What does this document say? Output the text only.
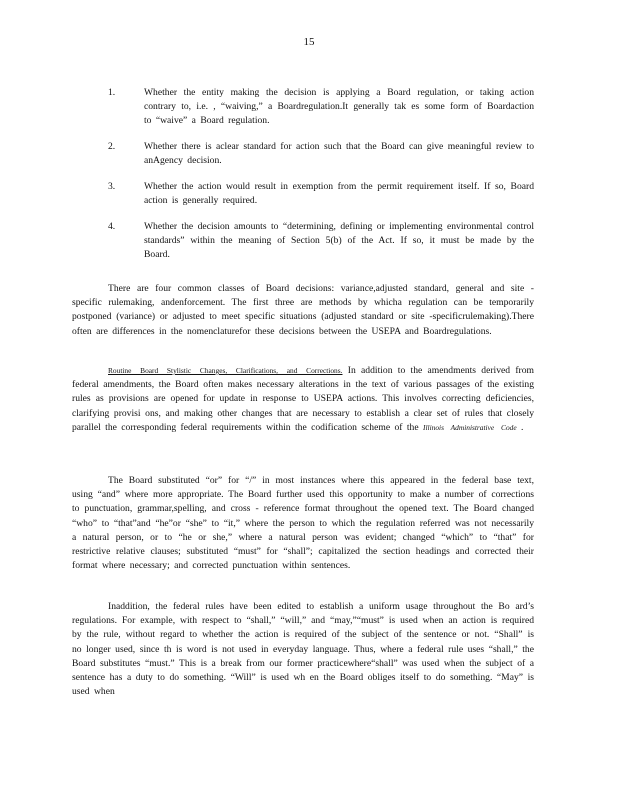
15
1.	Whether the entity making the decision is applying a Board regulation, or taking action contrary to, i.e. , “waiving,” a Boardregulation.It generally tak es some form of Boardaction to “waive” a Board regulation.
2.	Whether there is aclear standard for action such that the Board can give meaningful review to anAgency decision.
3.	Whether the action would result in exemption from the permit requirement itself. If so, Board action is generally required.
4.	Whether the decision amounts to “determining, defining or implementing environmental control standards” within the meaning of Section 5(b) of the Act. If so, it must be made by the Board.

There are four common classes of Board decisions: variance,adjusted standard, general and site - specific rulemaking, andenforcement. The first three are methods by whicha regulation can be temporarily postponed (variance) or adjusted to meet specific situations (adjusted standard or site -specificrulemaking).There often are differences in the nomenclaturefor these decisions between the USEPA and Boardregulations.

Routine Board Stylistic Changes, Clarifications, and Corrections. In addition to the amendments derived from federal amendments, the Board often makes necessary alterations in the text of various passages of the existing rules as provisions are opened for update in response to USEPA actions. This involves correcting deficiencies, clarifying provisi ons, and making other changes that are necessary to establish a clear set of rules that closely parallel the corresponding federal requirements within the codification scheme of the Illinois Administrative Code .

The Board substituted “or” for “/” in most instances where this appeared in the federal base text, using “and” where more appropriate. The Board further used this opportunity to make a number of corrections to punctuation, grammar,spelling, and cross - reference format throughout the opened text. The Board changed “who” to “that”and “he”or “she” to “it,” where the person to which the regulation referred was not necessarily a natural person, or to “he or she,” where a natural person was evident; changed “which” to “that” for restrictive relative clauses; substituted “must” for “shall”; capitalized the section headings and corrected their format where necessary; and corrected punctuation within sentences.

Inaddition, the federal rules have been edited to establish a uniform usage throughout the Bo ard’s regulations. For example, with respect to “shall,” “will,” and “may,”“must” is used when an action is required by the rule, without regard to whether the action is required of the subject of the sentence or not. “Shall” is no longer used, since th is word is not used in everyday language. Thus, where a federal rule uses “shall,” the Board substitutes “must.” This is a break from our former practicewhere“shall” was used when the subject of a sentence has a duty to do something. “Will” is used wh en the Board obliges itself to do something. “May” is used when
